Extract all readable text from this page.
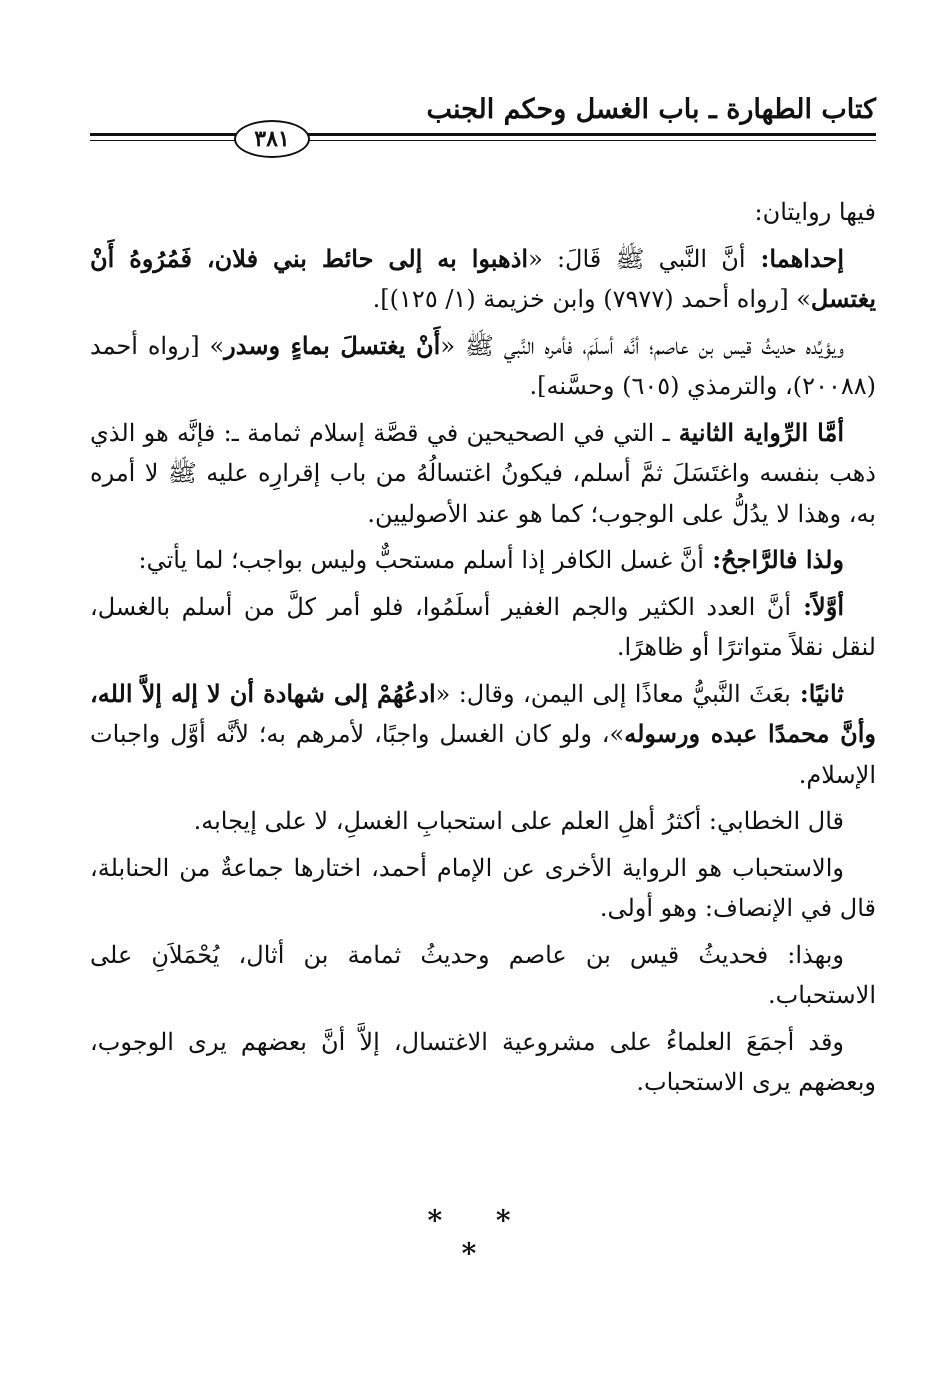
كتاب الطهارة ـ باب الغسل وحكم الجنب
٣٨١

فيها روايتان:

إحداهما: أنَّ النَّبي ﷺ قَالَ: «اذهبوا به إلى حائط بني فلان، فَمُرُوهُ أَنْ يغتسل» [رواه أحمد (٧٩٧٧) وابن خزيمة (١/ ١٢٥)].

ويؤيِّده حديثُ قيس بن عاصم؛ أنَّه أسلَمَ، فأمره النَّبي ﷺ «أَنْ يغتسلَ بماءٍ وسدر» [رواه أحمد (٢٠٠٨٨)، والترمذي (٦٠٥) وحسَّنه].

أمَّا الرِّواية الثانية ـ التي في الصحيحين في قصَّة إسلام ثمامة ـ: فإنَّه هو الذي ذهب بنفسه واغتَسَلَ ثمَّ أسلم، فيكونُ اغتسالُهُ من باب إقرارِه عليه ﷺ لا أمره به، وهذا لا يدُلُّ على الوجوب؛ كما هو عند الأصوليين.

ولذا فالرَّاجحُ: أنَّ غسل الكافر إذا أسلم مستحبٌّ وليس بواجب؛ لما يأتي:

أوَّلاً: أنَّ العدد الكثير والجم الغفير أسلَمُوا، فلو أمر كلَّ من أسلم بالغسل، لنقل نقلاً متواترًا أو ظاهرًا.

ثانيًا: بعَثَ النَّبيُّ معاذًا إلى اليمن، وقال: «ادعُهُمْ إلى شهادة أن لا إله إلاَّ الله، وأنَّ محمدًا عبده ورسوله»، ولو كان الغسل واجبًا، لأمرهم به؛ لأنَّه أوَّل واجبات الإسلام.

قال الخطابي: أكثرُ أهلِ العلم على استحبابِ الغسلِ، لا على إيجابه.

والاستحباب هو الرواية الأخرى عن الإمام أحمد، اختارها جماعةٌ من الحنابلة، قال في الإنصاف: وهو أولى.

وبهذا: فحديثُ قيس بن عاصم وحديثُ ثمامة بن أثال، يُحْمَلاَنِ على الاستحباب.

وقد أجمَعَ العلماءُ على مشروعية الاغتسال، إلاَّ أنَّ بعضهم يرى الوجوب، وبعضهم يرى الاستحباب.

* * *
